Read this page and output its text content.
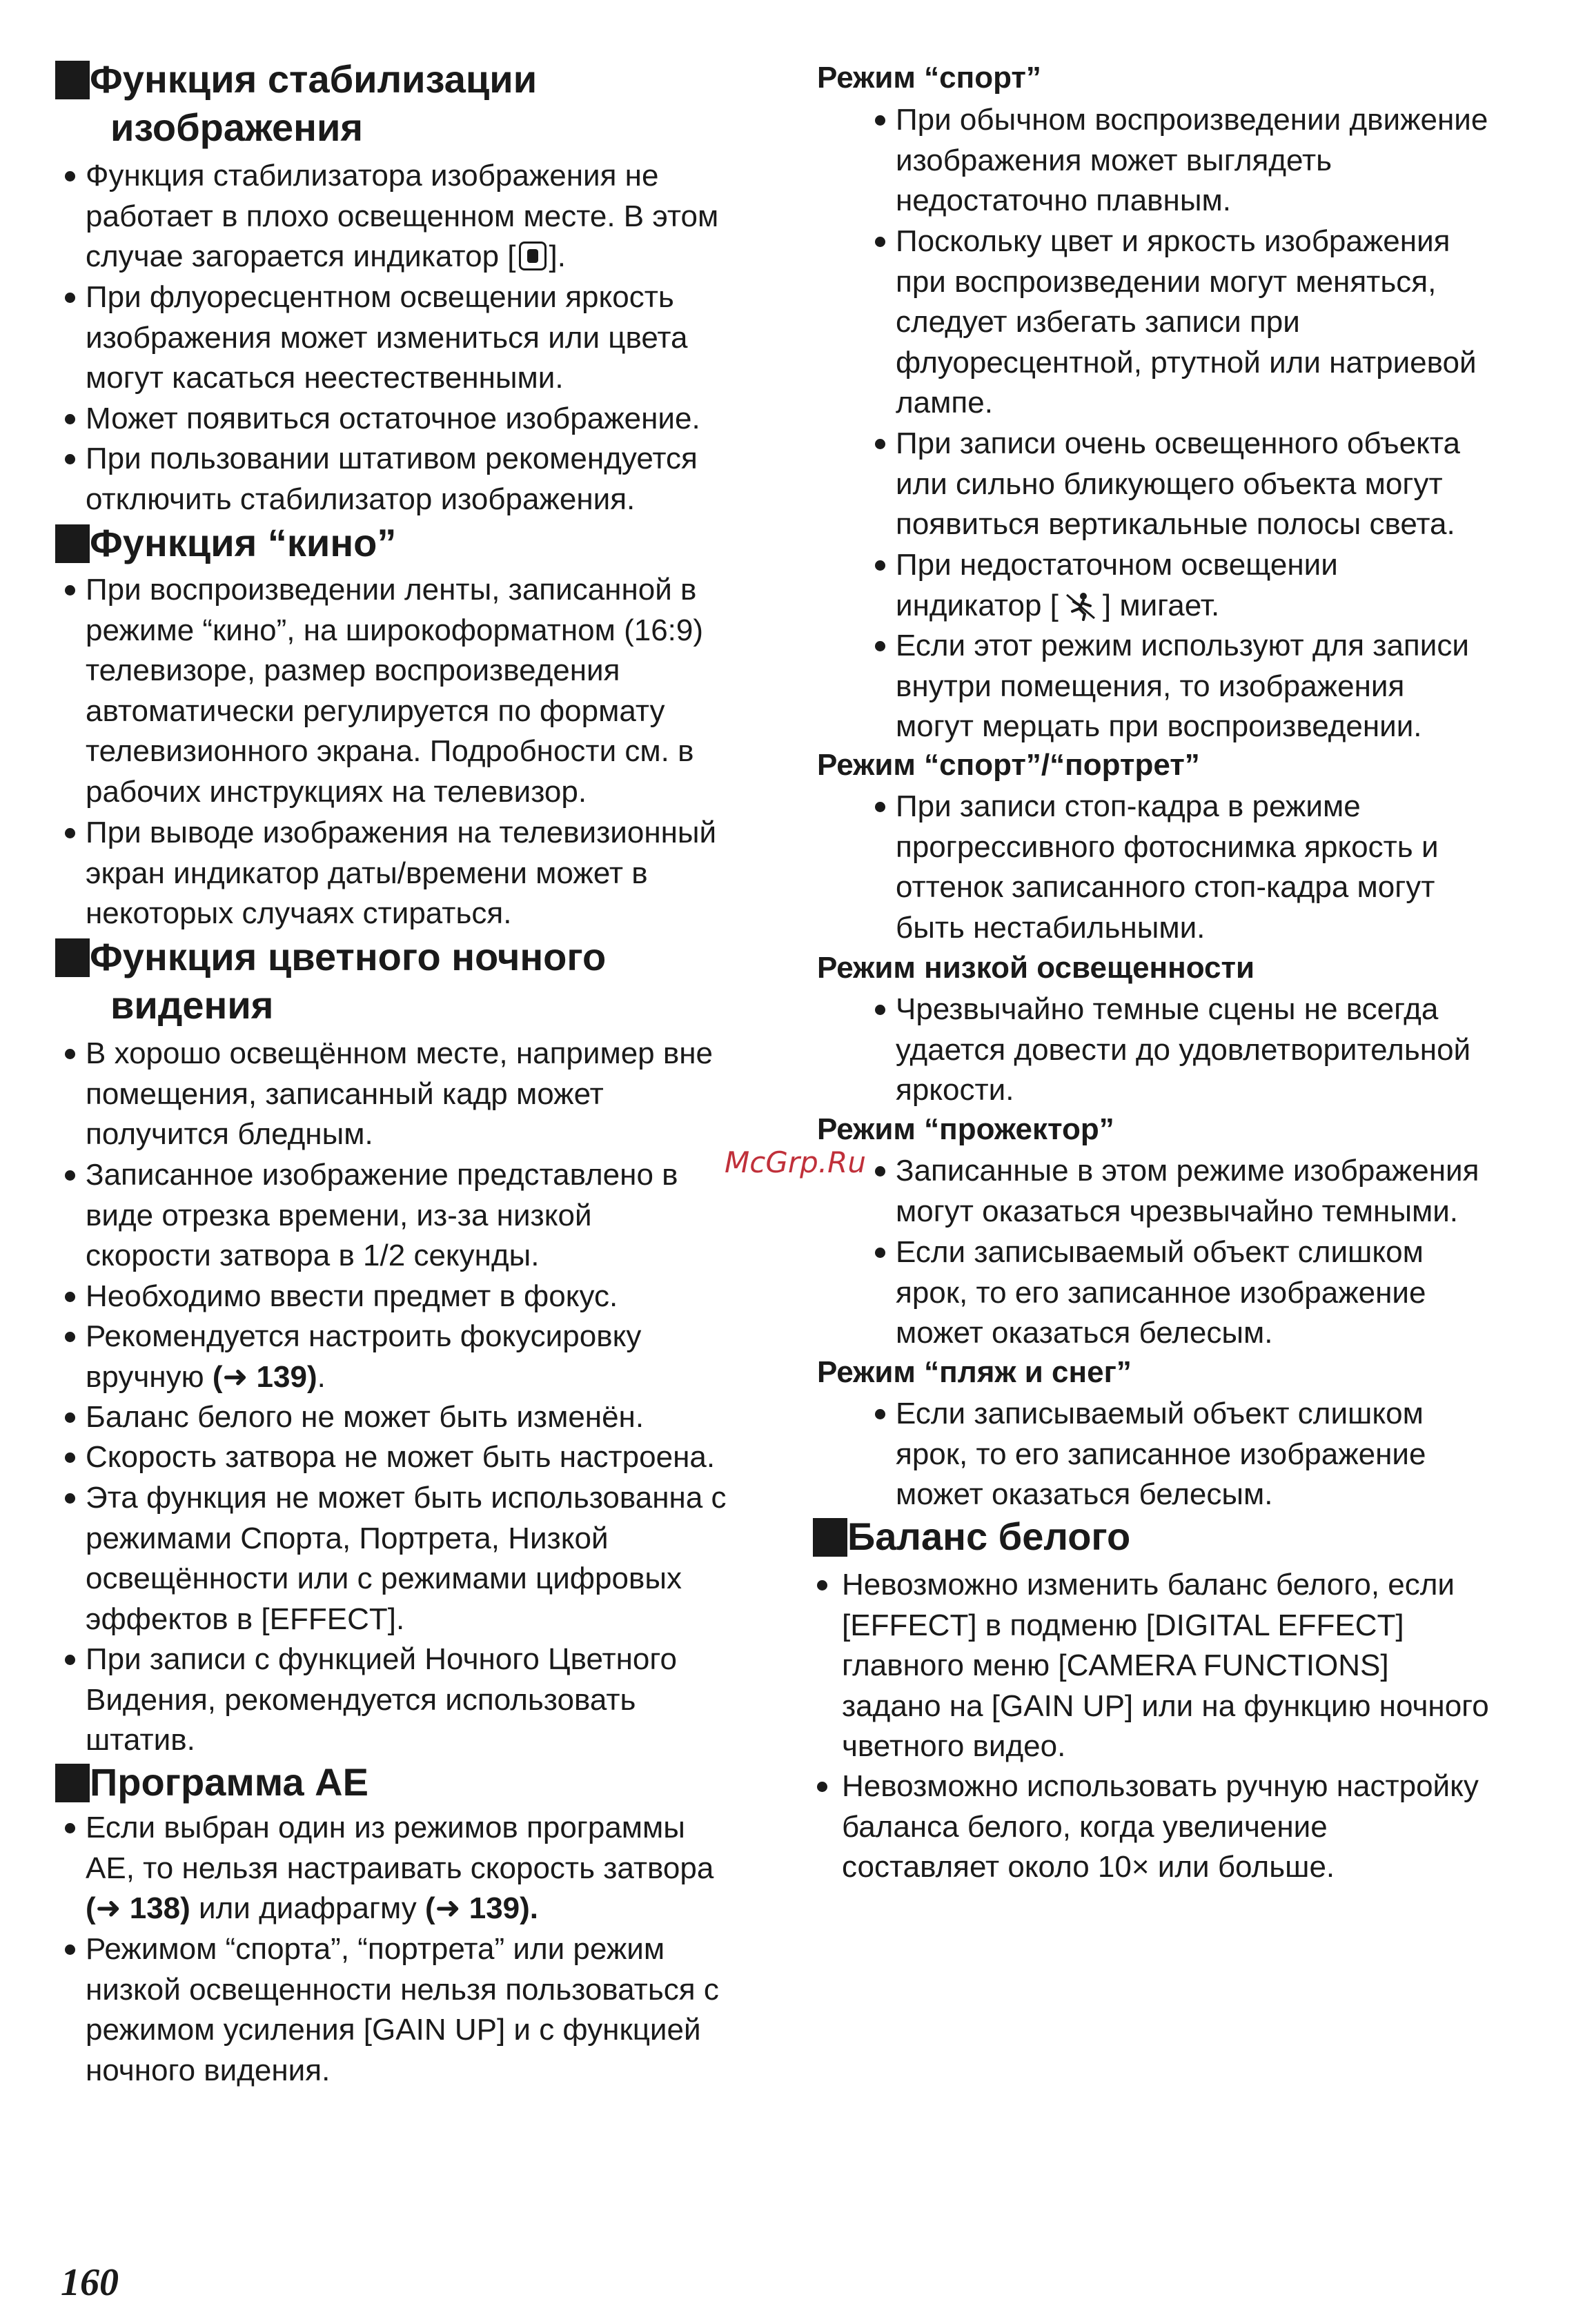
Функция стабилизации
изображения
Функция стабилизатора изображения не
работает в плохо освещенном месте. В этом
случае загорается индикатор [ ].
При флуоресцентном освещении яркость
изображения может измениться или цвета
могут касаться неестественными.
Может появиться остаточное изображение.
При пользовании штативом рекомендуется
отключить стабилизатор изображения.
Функция “кино”
При воспроизведении ленты, записанной в
режиме “кино”, на широкоформатном (16:9)
телевизоре, размер воспроизведения
автоматически регулируется по формату
телевизионного экрана. Подробности см. в
рабочих инструкциях на телевизор.
При выводе изображения на телевизионный
экран индикатор даты/времени может в
некоторых случаях стираться.
Функция цветного ночного
видения
В хорошо освещённом месте, например вне
помещения, записанный кадр может
получится бледным.
Записанное изображение представлено в
виде отрезка времени, из-за низкой
скорости затвора в 1/2 секунды.
Необходимо ввести предмет в фокус.
Рекомендуется настроить фокусировку
вручную (➜ 139).
Баланс белого не может быть изменён.
Скорость затвора не может быть настроена.
Эта функция не может быть использованна с
режимами Спорта, Портрета, Низкой
освещённости или с режимами цифровых
эффектов в [EFFECT].
При записи с функцией Ночного Цветного
Видения, рекомендуется использовать
штатив.
Программа AE
Если выбран один из режимов программы
AE, то нельзя настраивать скорость затвора
(➜ 138) или диафрагму (➜ 139).
Режимом “спорта”, “портрета” или режим
низкой освещенности нельзя пользоваться с
режимом усиления [GAIN UP] и с функцией
ночного видения.
Режим “спорт”
При обычном воспроизведении движение
изображения может выглядеть
недостаточно плавным.
Поскольку цвет и яркость изображения
при воспроизведении могут меняться,
следует избегать записи при
флуоресцентной, ртутной или натриевой
лампе.
При записи очень освещенного объекта
или сильно бликующего объекта могут
появиться вертикальные полосы света.
При недостаточном освещении
индикатор [ ] мигает.
Если этот режим используют для записи
внутри помещения, то изображения
могут мерцать при воспроизведении.
Режим “спорт”/“портрет”
При записи стоп-кадра в режиме
прогрессивного фотоснимка яркость и
оттенок записанного стоп-кадра могут
быть нестабильными.
Режим низкой освещенности
Чрезвычайно темные сцены не всегда
удается довести до удовлетворительной
яркости.
Режим “прожектор”
Записанные в этом режиме изображения
могут оказаться чрезвычайно темными.
Если записываемый объект слишком
ярок, то его записанное изображение
может оказаться белесым.
Режим “пляж и снег”
Если записываемый объект слишком
ярок, то его записанное изображение
может оказаться белесым.
Баланс белого
Невозможно изменить баланс белого, если
[EFFECT] в подменю [DIGITAL EFFECT]
главного меню [CAMERA FUNCTIONS]
задано на [GAIN UP] или на функцию ночного
чветного видео.
Невозможно использовать ручную настройку
баланса белого, когда увеличение
составляет около 10× или больше.
McGrp.Ru
160
